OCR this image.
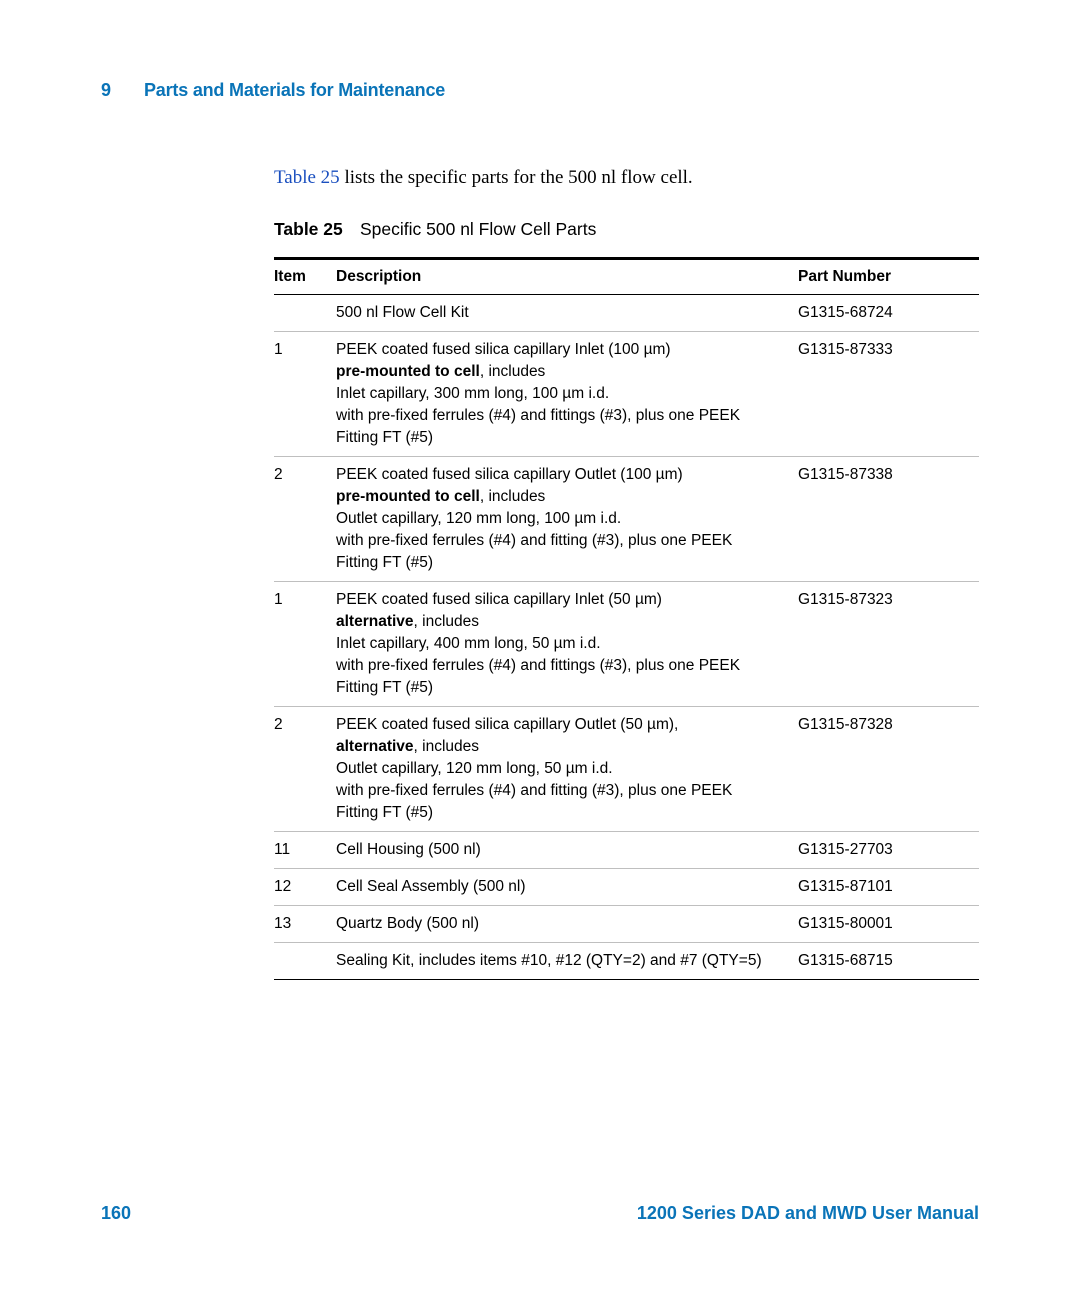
9 Parts and Materials for Maintenance
Table 25 lists the specific parts for the 500 nl flow cell.
Table 25 Specific 500 nl Flow Cell Parts
Item	Description	Part Number

	500 nl Flow Cell Kit	G1315-68724
1	PEEK coated fused silica capillary Inlet (100 µm)
pre-mounted to cell, includes
Inlet capillary, 300 mm long, 100 µm i.d.
with pre-fixed ferrules (#4) and fittings (#3), plus one PEEK
Fitting FT (#5)	G1315-87333
2	PEEK coated fused silica capillary Outlet (100 µm)
pre-mounted to cell, includes
Outlet capillary, 120 mm long, 100 µm i.d.
with pre-fixed ferrules (#4) and fitting (#3), plus one PEEK
Fitting FT (#5)	G1315-87338
1	PEEK coated fused silica capillary Inlet (50 µm)
alternative, includes
Inlet capillary, 400 mm long, 50 µm i.d.
with pre-fixed ferrules (#4) and fittings (#3), plus one PEEK
Fitting FT (#5)	G1315-87323
2	PEEK coated fused silica capillary Outlet (50 µm),
alternative, includes
Outlet capillary, 120 mm long, 50 µm i.d.
with pre-fixed ferrules (#4) and fitting (#3), plus one PEEK
Fitting FT (#5)	G1315-87328
11	Cell Housing (500 nl)	G1315-27703
12	Cell Seal Assembly (500 nl)	G1315-87101
13	Quartz Body (500 nl)	G1315-80001

	Sealing Kit, includes items #10, #12 (QTY=2) and #7 (QTY=5)	G1315-68715
160	1200 Series DAD and MWD User Manual
